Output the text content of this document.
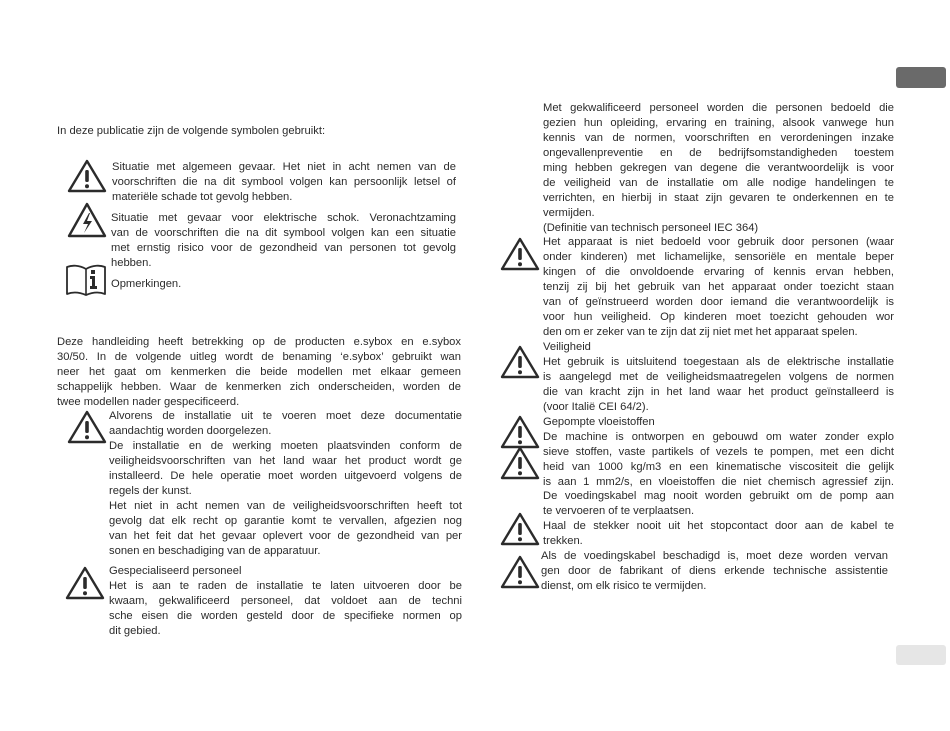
In deze publicatie zijn de volgende symbolen gebruikt:

Situatie met algemeen gevaar. Het niet in acht nemen van de

voorschriften die na dit symbool volgen kan persoonlijk letsel of

materiële schade tot gevolg hebben.

Situatie met gevaar voor elektrische schok. Veronachtzaming

van de voorschriften die na dit symbool volgen kan een situatie

met ernstig risico voor de gezondheid van personen tot gevolg

hebben.

Opmerkingen.

Deze handleiding heeft betrekking op de producten e.sybox en e.sybox

30/50. In de volgende uitleg wordt de benaming ‘e.sybox’ gebruikt wan

neer het gaat om kenmerken die beide modellen met elkaar gemeen

schappelijk hebben. Waar de kenmerken zich onderscheiden, worden de

twee modellen nader gespecificeerd.

Alvorens de installatie uit te voeren moet deze documentatie

aandachtig worden doorgelezen.

De installatie en de werking moeten plaatsvinden conform de

veiligheidsvoorschriften van het land waar het product wordt ge

installeerd. De hele operatie moet worden uitgevoerd volgens de

regels der kunst.

Het niet in acht nemen van de veiligheidsvoorschriften heeft tot

gevolg dat elk recht op garantie komt te vervallen, afgezien nog

van het feit dat het gevaar oplevert voor de gezondheid van per

sonen en beschadiging van de apparatuur.

Gespecialiseerd personeel

Het is aan te raden de installatie te laten uitvoeren door be

kwaam, gekwalificeerd personeel, dat voldoet aan de techni

sche eisen die worden gesteld door de specifieke normen op

dit gebied.

Met gekwalificeerd personeel worden die personen bedoeld die

gezien hun opleiding, ervaring en training, alsook vanwege hun

kennis van de normen, voorschriften en verordeningen inzake

ongevallenpreventie en de bedrijfsomstandigheden toestem

ming hebben gekregen van degene die verantwoordelijk is voor

de veiligheid van de installatie om alle nodige handelingen te

verrichten, en hierbij in staat zijn gevaren te onderkennen en te

vermijden.

(Definitie van technisch personeel IEC 364)

Het apparaat is niet bedoeld voor gebruik door personen (waar

onder kinderen) met lichamelijke, sensoriële en mentale beper

kingen of die onvoldoende ervaring of kennis ervan hebben,

tenzij zij bij het gebruik van het apparaat onder toezicht staan

van of geïnstrueerd worden door iemand die verantwoordelijk is

voor hun veiligheid. Op kinderen moet toezicht gehouden wor

den om er zeker van te zijn dat zij niet met het apparaat spelen.

Veiligheid

Het gebruik is uitsluitend toegestaan als de elektrische installatie

is aangelegd met de veiligheidsmaatregelen volgens de normen

die van kracht zijn in het land waar het product geïnstalleerd is

(voor Italië CEI 64/2).

Gepompte vloeistoffen

De machine is ontworpen en gebouwd om water zonder explo

sieve stoffen, vaste partikels of vezels te pompen, met een dicht

heid van 1000 kg/m3 en een kinematische viscositeit die gelijk

is aan 1 mm2/s, en vloeistoffen die niet chemisch agressief zijn.

De voedingskabel mag nooit worden gebruikt om de pomp aan

te vervoeren of te verplaatsen.

Haal de stekker nooit uit het stopcontact door aan de kabel te

trekken.

Als de voedingskabel beschadigd is, moet deze worden vervan

gen door de fabrikant of diens erkende technische assistentie

dienst, om elk risico te vermijden.
